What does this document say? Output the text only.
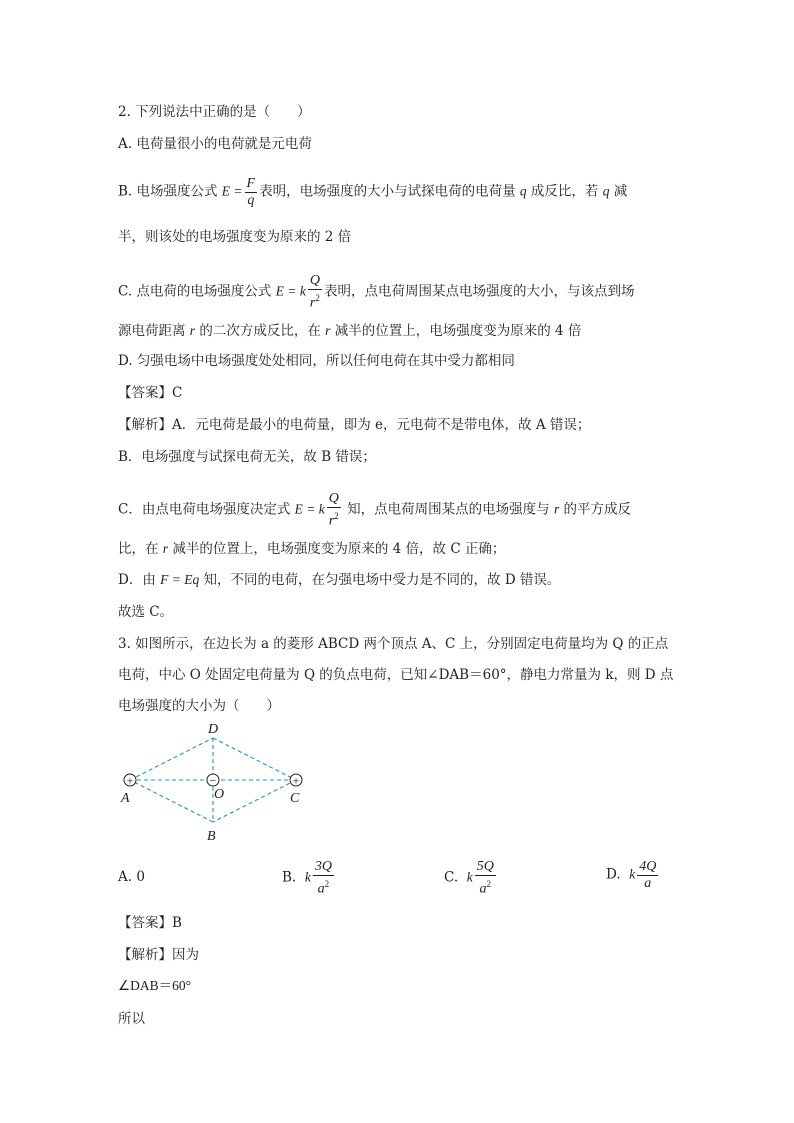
2. 下列说法中正确的是（　　）
A. 电荷量很小的电荷就是元电荷
B. 电场强度公式 $E = \frac{F}{q}$ 表明，电场强度的大小与试探电荷的电荷量 q 成反比，若 q 减
半，则该处的电场强度变为原来的 2 倍
C. 点电荷的电场强度公式 E = k $\frac{Q}{r^2}$ 表明，点电荷周围某点电场强度的大小，与该点到场
源电荷距离 r 的二次方成反比，在 r 减半的位置上，电场强度变为原来的 4 倍
D. 匀强电场中电场强度处处相同，所以任何电荷在其中受力都相同
【答案】C
【解析】A．元电荷是最小的电荷量，即为 e，元电荷不是带电体，故 A 错误；
B．电场强度与试探电荷无关，故 B 错误；
C．由点电荷电场强度决定式 E = k $\frac{Q}{r^2}$ 知，点电荷周围某点的电场强度与 r 的平方成反
比，在 r 减半的位置上，电场强度变为原来的 4 倍，故 C 正确；
D．由 F = Eq 知，不同的电荷，在匀强电场中受力是不同的，故 D 错误。
故选 C。
3. 如图所示，在边长为 a 的菱形 ABCD 两个顶点 A、C 上，分别固定电荷量均为 Q 的正点
电荷，中心 O 处固定电荷量为 Q 的负点电荷，已知∠DAB＝60°，静电力常量为 k，则 D 点
电场强度的大小为（　　）
+	−	+
D
A	O	C
B
A. 0	B. k $\frac{3Q}{a^2}$	C. k $\frac{5Q}{a^2}$	D. k $\frac{4Q}{a}$
【答案】B
【解析】因为
∠DAB＝60°
所以
